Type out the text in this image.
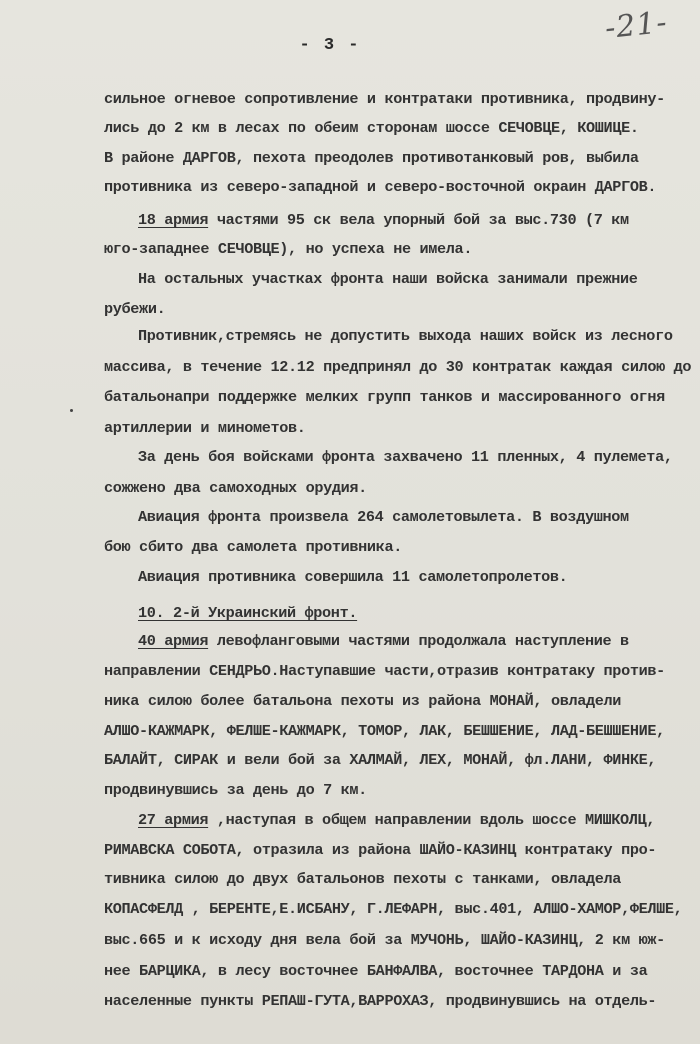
- 3 -	-21-
сильное огневое сопротивление и контратаки противника, продвину-
лись до 2 км в лесах по обеим сторонам шоссе СЕЧОВЦЕ, КОШИЦЕ.
В районе ДАРГОВ, пехота преодолев противотанковый ров, выбила
противника из северо-западной и северо-восточной окраин ДАРГОВ.
18 армия частями 95 ск вела упорный бой за выс.730 (7 км
юго-западнее СЕЧОВЦЕ), но успеха не имела.
На остальных участках фронта наши войска занимали прежние
рубежи.
Противник,стремясь не допустить выхода наших войск из лесного
массива, в течение 12.12 предпринял до 30 контратак каждая силою до
батальонапри поддержке мелких групп танков и массированного огня
артиллерии и минометов.
За день боя войсками фронта захвачено 11 пленных, 4 пулемета,
сожжено два самоходных орудия.
Авиация фронта произвела 264 самолетовылета. В воздушном
бою сбито два самолета противника.
Авиация противника совершила 11 самолетопролетов.
10. 2-й Украинский фронт.
40 армия левофланговыми частями продолжала наступление в
направлении СЕНДРЬО.Наступавшие части,отразив контратаку против-
ника силою более батальона пехоты из района МОНАЙ, овладели
АЛШО-КАЖМАРК, ФЕЛШЕ-КАЖМАРК, ТОМОР, ЛАК, БЕШШЕНИЕ, ЛАД-БЕШШЕНИЕ,
БАЛАЙТ, СИРАК и вели бой за ХАЛМАЙ, ЛЕХ, МОНАЙ, фл.ЛАНИ, ФИНКЕ,
продвинувшись за день до 7 км.
27 армия ,наступая в общем направлении вдоль шоссе МИШКОЛЦ,
РИМАВСКА СОБОТА, отразила из района ШАЙО-КАЗИНЦ контратаку про-
тивника силою до двух батальонов пехоты с танками, овладела
КОПАСФЕЛД , БЕРЕНТЕ,Е.ИСБАНУ, Г.ЛЕФАРН, выс.401, АЛШО-ХАМОР,ФЕЛШЕ,
выс.665 и к исходу дня вела бой за МУЧОНЬ, ШАЙО-КАЗИНЦ, 2 км юж-
нее БАРЦИКА, в лесу восточнее БАНФАЛВА, восточнее ТАРДОНА и за
населенные пункты РЕПАШ-ГУТА,ВАРРОХАЗ, продвинувшись на отдель-
